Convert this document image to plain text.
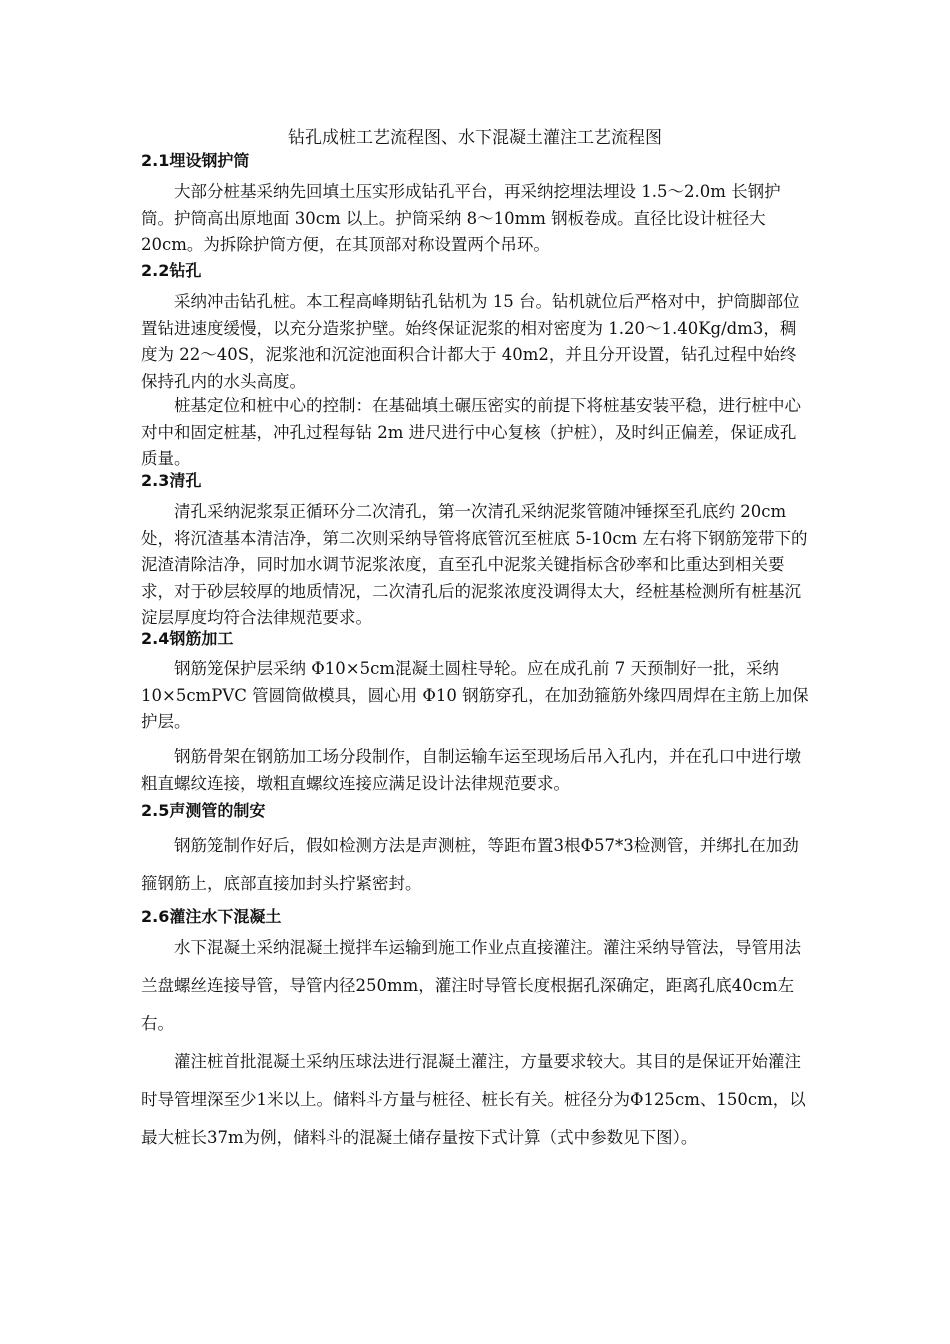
钻孔成桩工艺流程图、水下混凝土灌注工艺流程图
2.1埋设钢护筒

大部分桩基采纳先回填土压实形成钻孔平台，再采纳挖埋法埋设 1.5～2.0m 长钢护筒。护筒高出原地面 30cm 以上。护筒采纳 8～10mm 钢板卷成。直径比设计桩径大 20cm。为拆除护筒方便，在其顶部对称设置两个吊环。

2.2钻孔

采纳冲击钻孔桩。本工程高峰期钻孔钻机为 15 台。钻机就位后严格对中，护筒脚部位置钻进速度缓慢，以充分造浆护壁。始终保证泥浆的相对密度为 1.20～1.40Kg/dm3，稠度为 22～40S，泥浆池和沉淀池面积合计都大于 40m2，并且分开设置，钻孔过程中始终保持孔内的水头高度。

桩基定位和桩中心的控制：在基础填土碾压密实的前提下将桩基安装平稳，进行桩中心对中和固定桩基，冲孔过程每钻 2m 进尺进行中心复核（护桩），及时纠正偏差，保证成孔质量。

2.3清孔

清孔采纳泥浆泵正循环分二次清孔，第一次清孔采纳泥浆管随冲锤探至孔底约 20cm 处，将沉渣基本清洁净，第二次则采纳导管将底管沉至桩底 5-10cm 左右将下钢筋笼带下的泥渣清除洁净，同时加水调节泥浆浓度，直至孔中泥浆关键指标含砂率和比重达到相关要求，对于砂层较厚的地质情况，二次清孔后的泥浆浓度没调得太大，经桩基检测所有桩基沉淀层厚度均符合法律规范要求。

2.4钢筋加工

钢筋笼保护层采纳 Φ10×5cm混凝土圆柱导轮。应在成孔前 7 天预制好一批，采纳 10×5cmPVC 管圆筒做模具，圆心用 Φ10 钢筋穿孔，在加劲箍筋外缘四周焊在主筋上加保护层。

钢筋骨架在钢筋加工场分段制作，自制运输车运至现场后吊入孔内，并在孔口中进行墩粗直螺纹连接，墩粗直螺纹连接应满足设计法律规范要求。

2.5声测管的制安

钢筋笼制作好后，假如检测方法是声测桩，等距布置3根Φ57*3检测管，并绑扎在加劲箍钢筋上，底部直接加封头拧紧密封。

2.6灌注水下混凝土

水下混凝土采纳混凝土搅拌车运输到施工作业点直接灌注。灌注采纳导管法，导管用法兰盘螺丝连接导管，导管内径250mm，灌注时导管长度根据孔深确定，距离孔底40cm左右。

灌注桩首批混凝土采纳压球法进行混凝土灌注，方量要求较大。其目的是保证开始灌注时导管埋深至少1米以上。储料斗方量与桩径、桩长有关。桩径分为Φ125cm、150cm，以最大桩长37m为例，储料斗的混凝土储存量按下式计算（式中参数见下图）。
